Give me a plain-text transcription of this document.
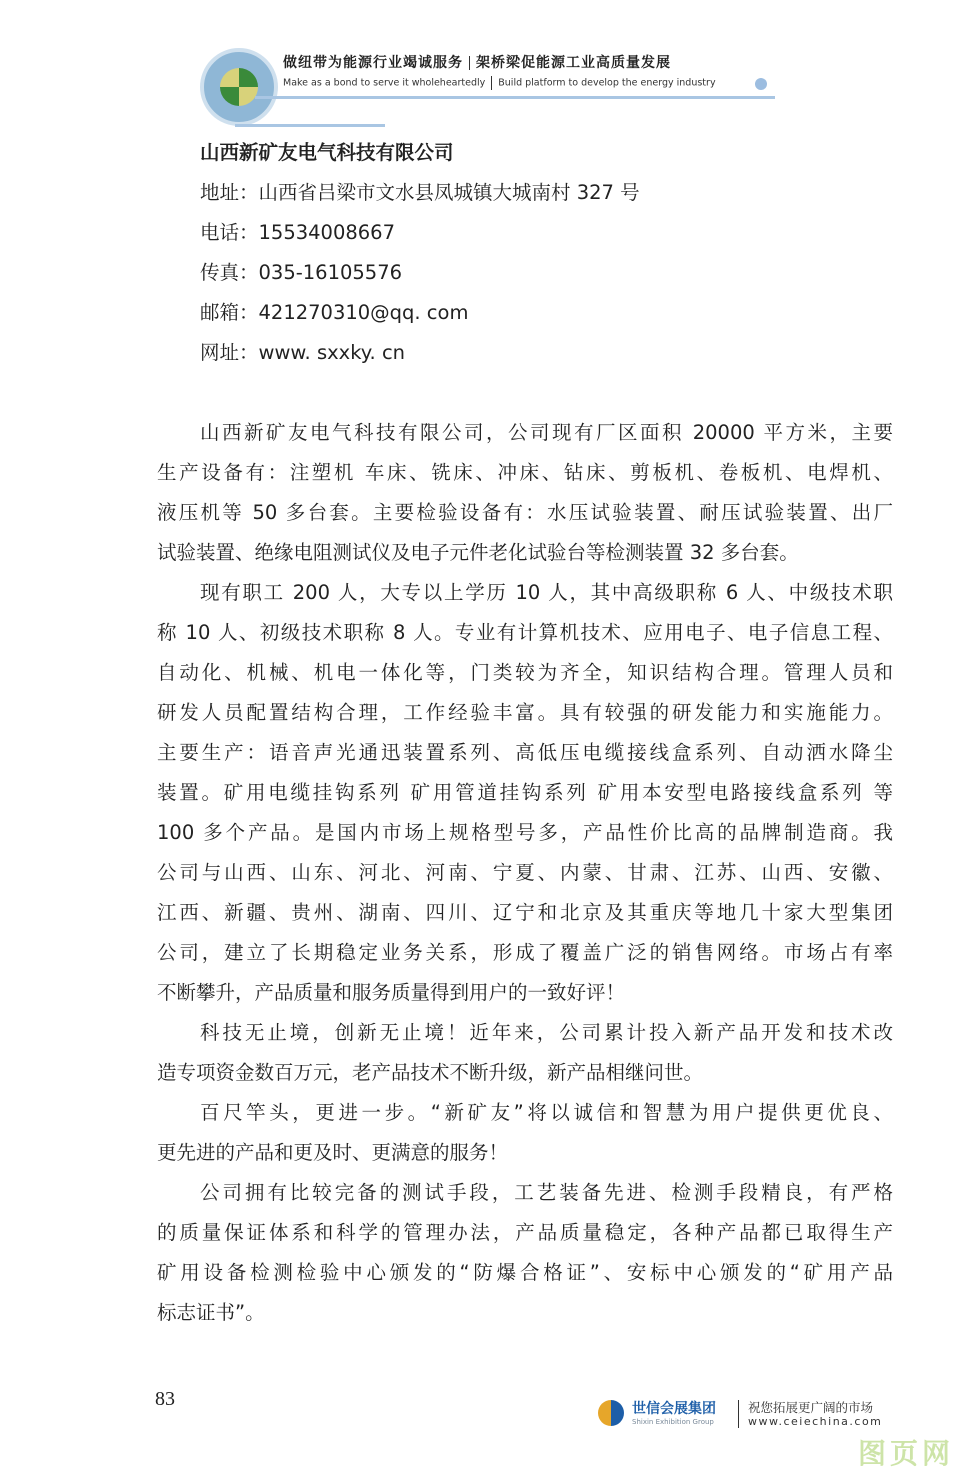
做纽带为能源行业竭诚服务 架桥梁促能源工业高质量发展
Make as a bond to serve it wholeheartedly Build platform to develop the energy industry
山西新矿友电气科技有限公司
地址：山西省吕梁市文水县凤城镇大城南村 327 号
电话：15534008667
传真：035-16105576
邮箱：421270310@qq. com
网址：www. sxxky. cn
山西新矿友电气科技有限公司，公司现有厂区面积 20000 平方米，主要
生产设备有：注塑机 车床、铣床、冲床、钻床、剪板机、卷板机、电焊机、
液压机等 50 多台套。主要检验设备有：水压试验装置、耐压试验装置、出厂
试验装置、绝缘电阻测试仪及电子元件老化试验台等检测装置 32 多台套。
现有职工 200 人，大专以上学历 10 人，其中高级职称 6 人、中级技术职
称 10 人、初级技术职称 8 人。专业有计算机技术、应用电子、电子信息工程、
自动化、机械、机电一体化等，门类较为齐全，知识结构合理。管理人员和
研发人员配置结构合理，工作经验丰富。具有较强的研发能力和实施能力。
主要生产：语音声光通迅装置系列、高低压电缆接线盒系列、自动洒水降尘
装置。矿用电缆挂钩系列 矿用管道挂钩系列 矿用本安型电路接线盒系列 等
100 多个产品。是国内市场上规格型号多，产品性价比高的品牌制造商。我
公司与山西、山东、河北、河南、宁夏、内蒙、甘肃、江苏、山西、安徽、
江西、新疆、贵州、湖南、四川、辽宁和北京及其重庆等地几十家大型集团
公司，建立了长期稳定业务关系，形成了覆盖广泛的销售网络。市场占有率
不断攀升，产品质量和服务质量得到用户的一致好评！
科技无止境，创新无止境！近年来，公司累计投入新产品开发和技术改
造专项资金数百万元，老产品技术不断升级，新产品相继问世。
百尺竿头，更进一步。“新矿友”将以诚信和智慧为用户提供更优良、
更先进的产品和更及时、更满意的服务！
公司拥有比较完备的测试手段，工艺装备先进、检测手段精良，有严格
的质量保证体系和科学的管理办法，产品质量稳定，各种产品都已取得生产
矿用设备检测检验中心颁发的“防爆合格证”、安标中心颁发的“矿用产品
标志证书”。
83	世信会展集团
Shixin Exhibition Group
祝您拓展更广阔的市场
www.ceiechina.com
图页网
